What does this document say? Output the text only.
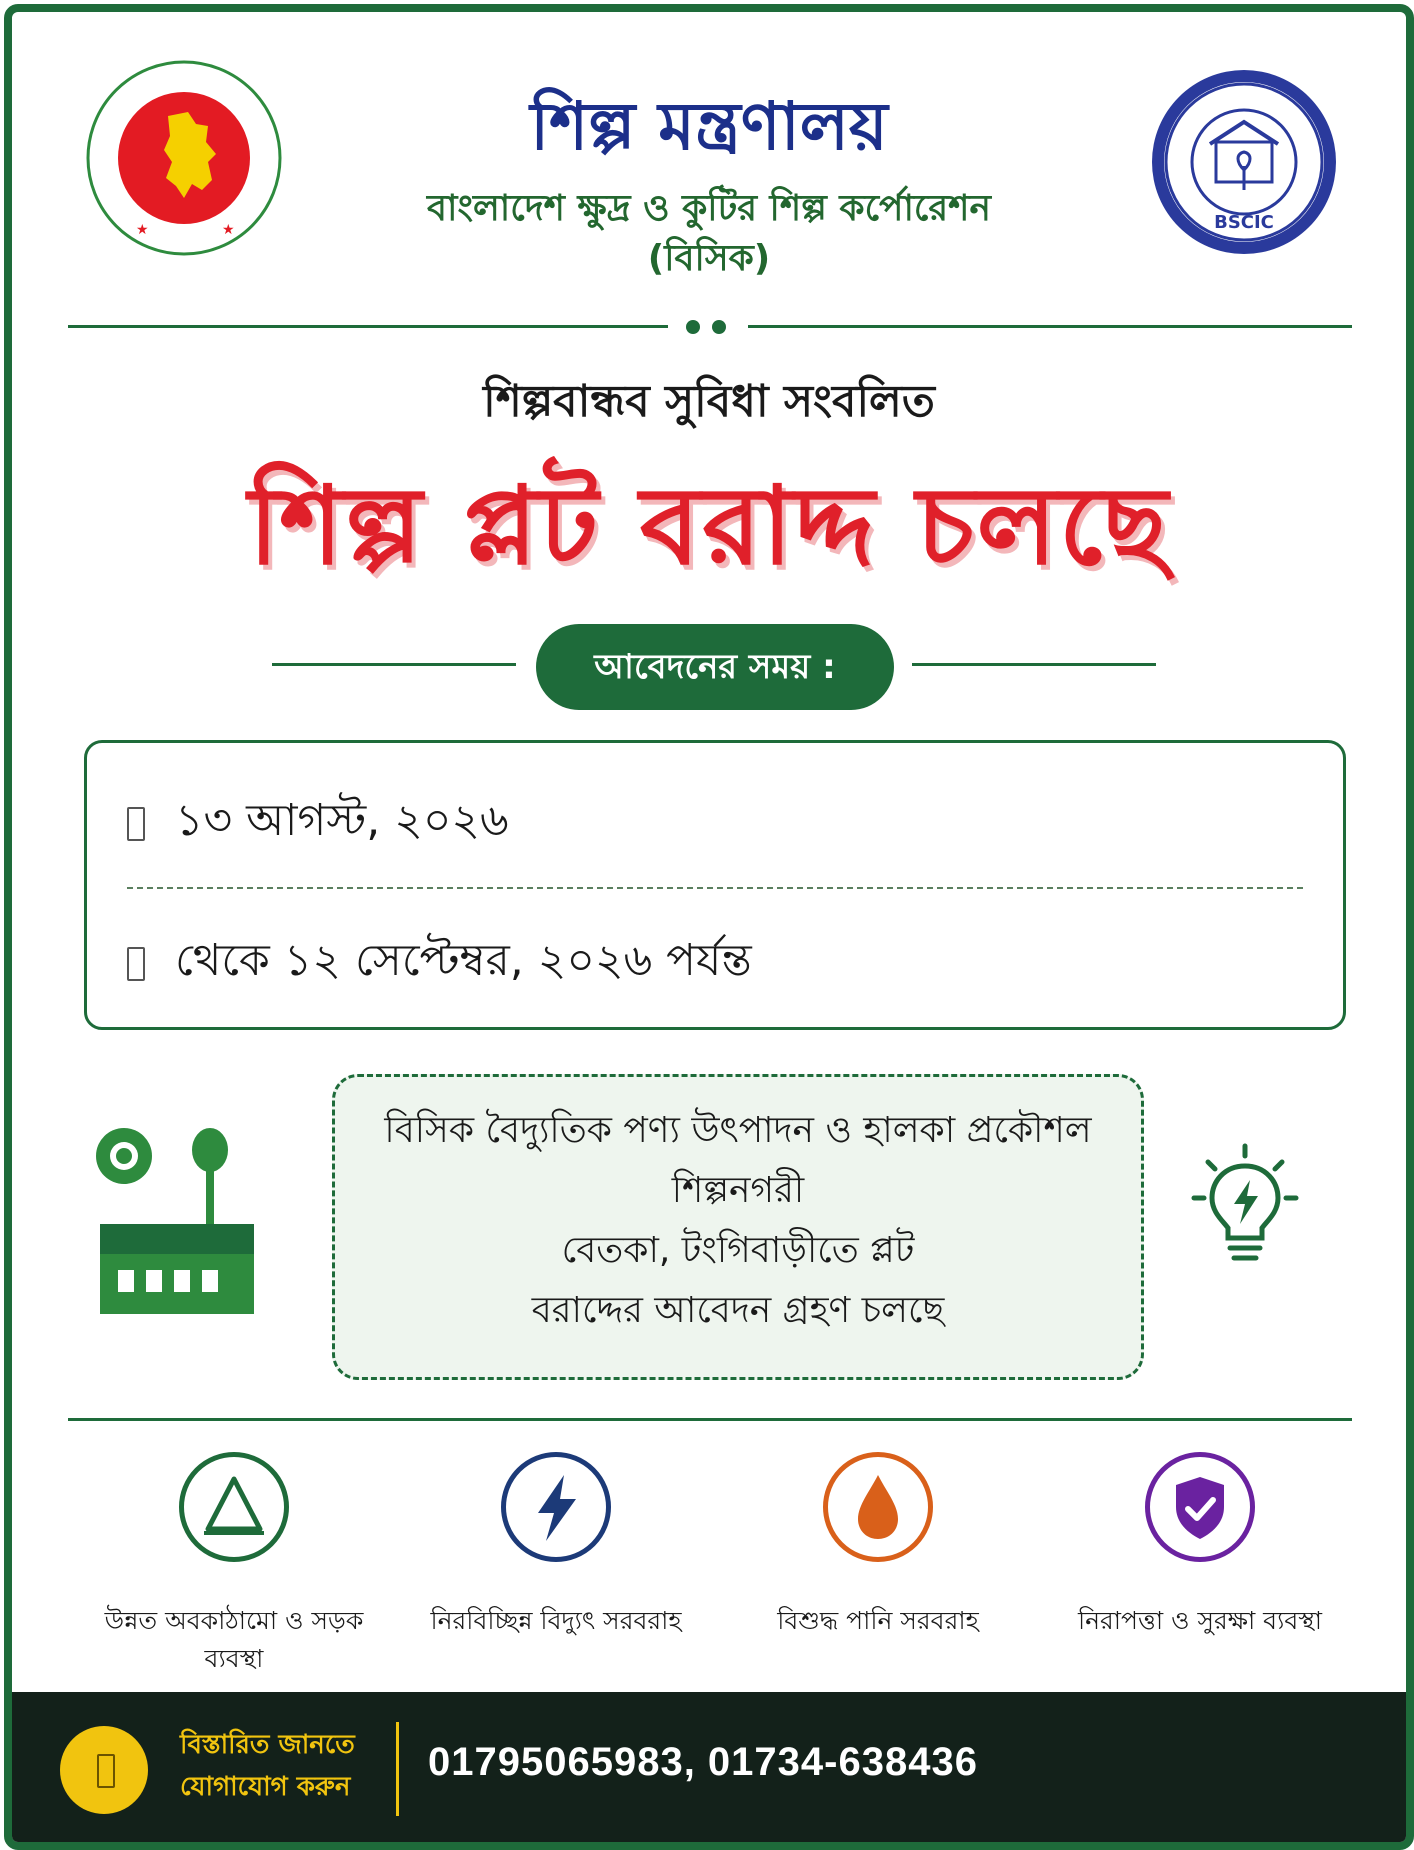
★	★
শিল্প মন্ত্রণালয়
বাংলাদেশ ক্ষুদ্র ও কুটির শিল্প কর্পোরেশন
(বিসিক)
BSCIC
শিল্পবান্ধব সুবিধা সংবলিত
শিল্প প্লট বরাদ্দ চলছে
আবেদনের সময় :
১৩ আগস্ট, ২০২৬
থেকে ১২ সেপ্টেম্বর, ২০২৬ পর্যন্ত
বিসিক বৈদ্যুতিক পণ্য উৎপাদন ও হালকা প্রকৌশল
শিল্পনগরী
বেতকা, টংগিবাড়ীতে প্লট
বরাদ্দের আবেদন গ্রহণ চলছে
উন্নত অবকাঠামো ও সড়ক ব্যবস্থা
নিরবিচ্ছিন্ন বিদ্যুৎ সরবরাহ	বিশুদ্ধ পানি সরবরাহ	নিরাপত্তা ও সুরক্ষা ব্যবস্থা
বিস্তারিত জানতে
যোগাযোগ করুন
01795065983, 01734-638436
